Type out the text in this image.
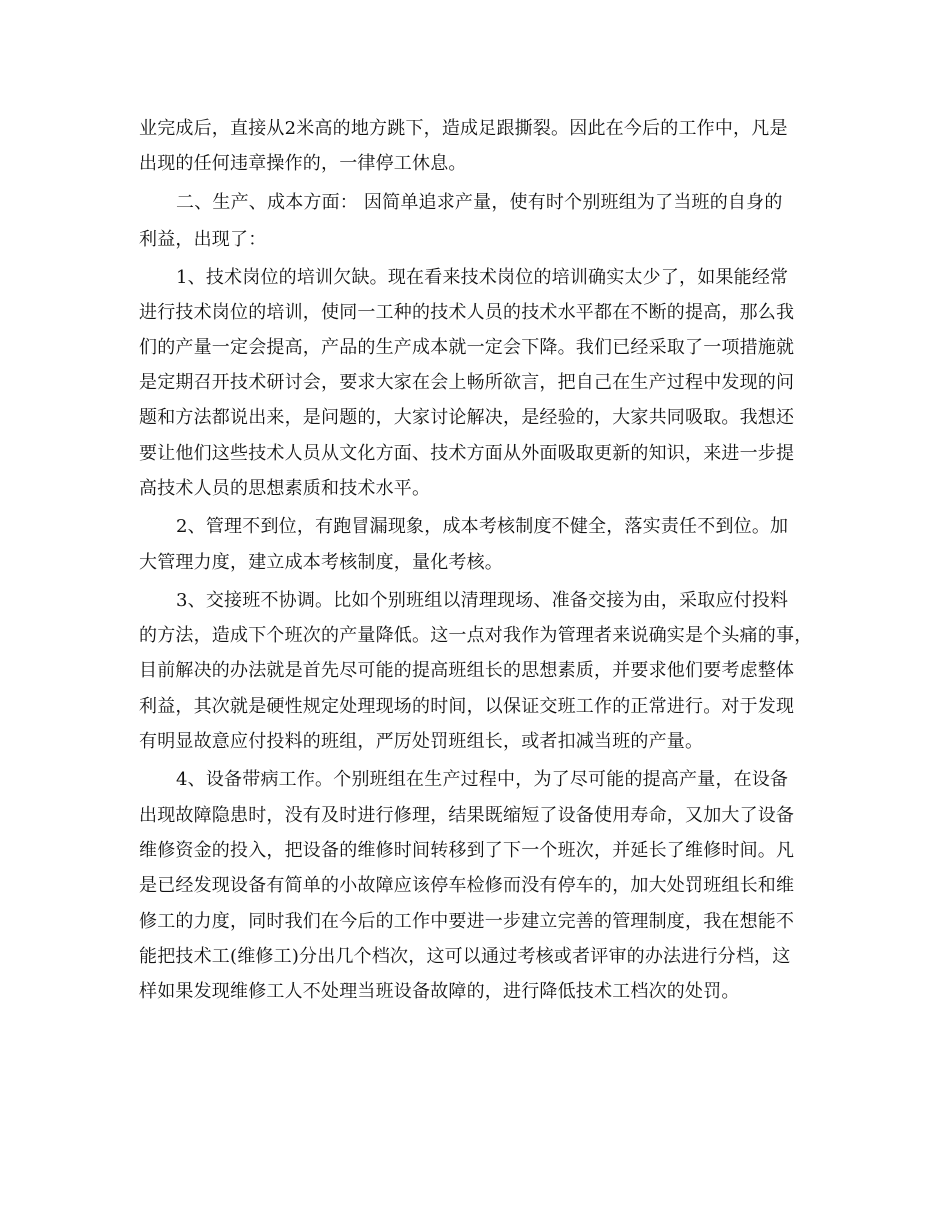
业完成后，直接从2米高的地方跳下，造成足跟撕裂。因此在今后的工作中，凡是
出现的任何违章操作的，一律停工休息。
二、生产、成本方面： 因简单追求产量，使有时个别班组为了当班的自身的
利益，出现了：
1、技术岗位的培训欠缺。现在看来技术岗位的培训确实太少了，如果能经常
进行技术岗位的培训，使同一工种的技术人员的技术水平都在不断的提高，那么我
们的产量一定会提高，产品的生产成本就一定会下降。我们已经采取了一项措施就
是定期召开技术研讨会，要求大家在会上畅所欲言，把自己在生产过程中发现的问
题和方法都说出来，是问题的，大家讨论解决，是经验的，大家共同吸取。我想还
要让他们这些技术人员从文化方面、技术方面从外面吸取更新的知识，来进一步提
高技术人员的思想素质和技术水平。
2、管理不到位，有跑冒漏现象，成本考核制度不健全，落实责任不到位。加
大管理力度，建立成本考核制度，量化考核。
3、交接班不协调。比如个别班组以清理现场、准备交接为由，采取应付投料
的方法，造成下个班次的产量降低。这一点对我作为管理者来说确实是个头痛的事，
目前解决的办法就是首先尽可能的提高班组长的思想素质，并要求他们要考虑整体
利益，其次就是硬性规定处理现场的时间，以保证交班工作的正常进行。对于发现
有明显故意应付投料的班组，严厉处罚班组长，或者扣减当班的产量。
4、设备带病工作。个别班组在生产过程中，为了尽可能的提高产量，在设备
出现故障隐患时，没有及时进行修理，结果既缩短了设备使用寿命，又加大了设备
维修资金的投入，把设备的维修时间转移到了下一个班次，并延长了维修时间。凡
是已经发现设备有简单的小故障应该停车检修而没有停车的，加大处罚班组长和维
修工的力度，同时我们在今后的工作中要进一步建立完善的管理制度，我在想能不
能把技术工(维修工)分出几个档次，这可以通过考核或者评审的办法进行分档，这
样如果发现维修工人不处理当班设备故障的，进行降低技术工档次的处罚。
